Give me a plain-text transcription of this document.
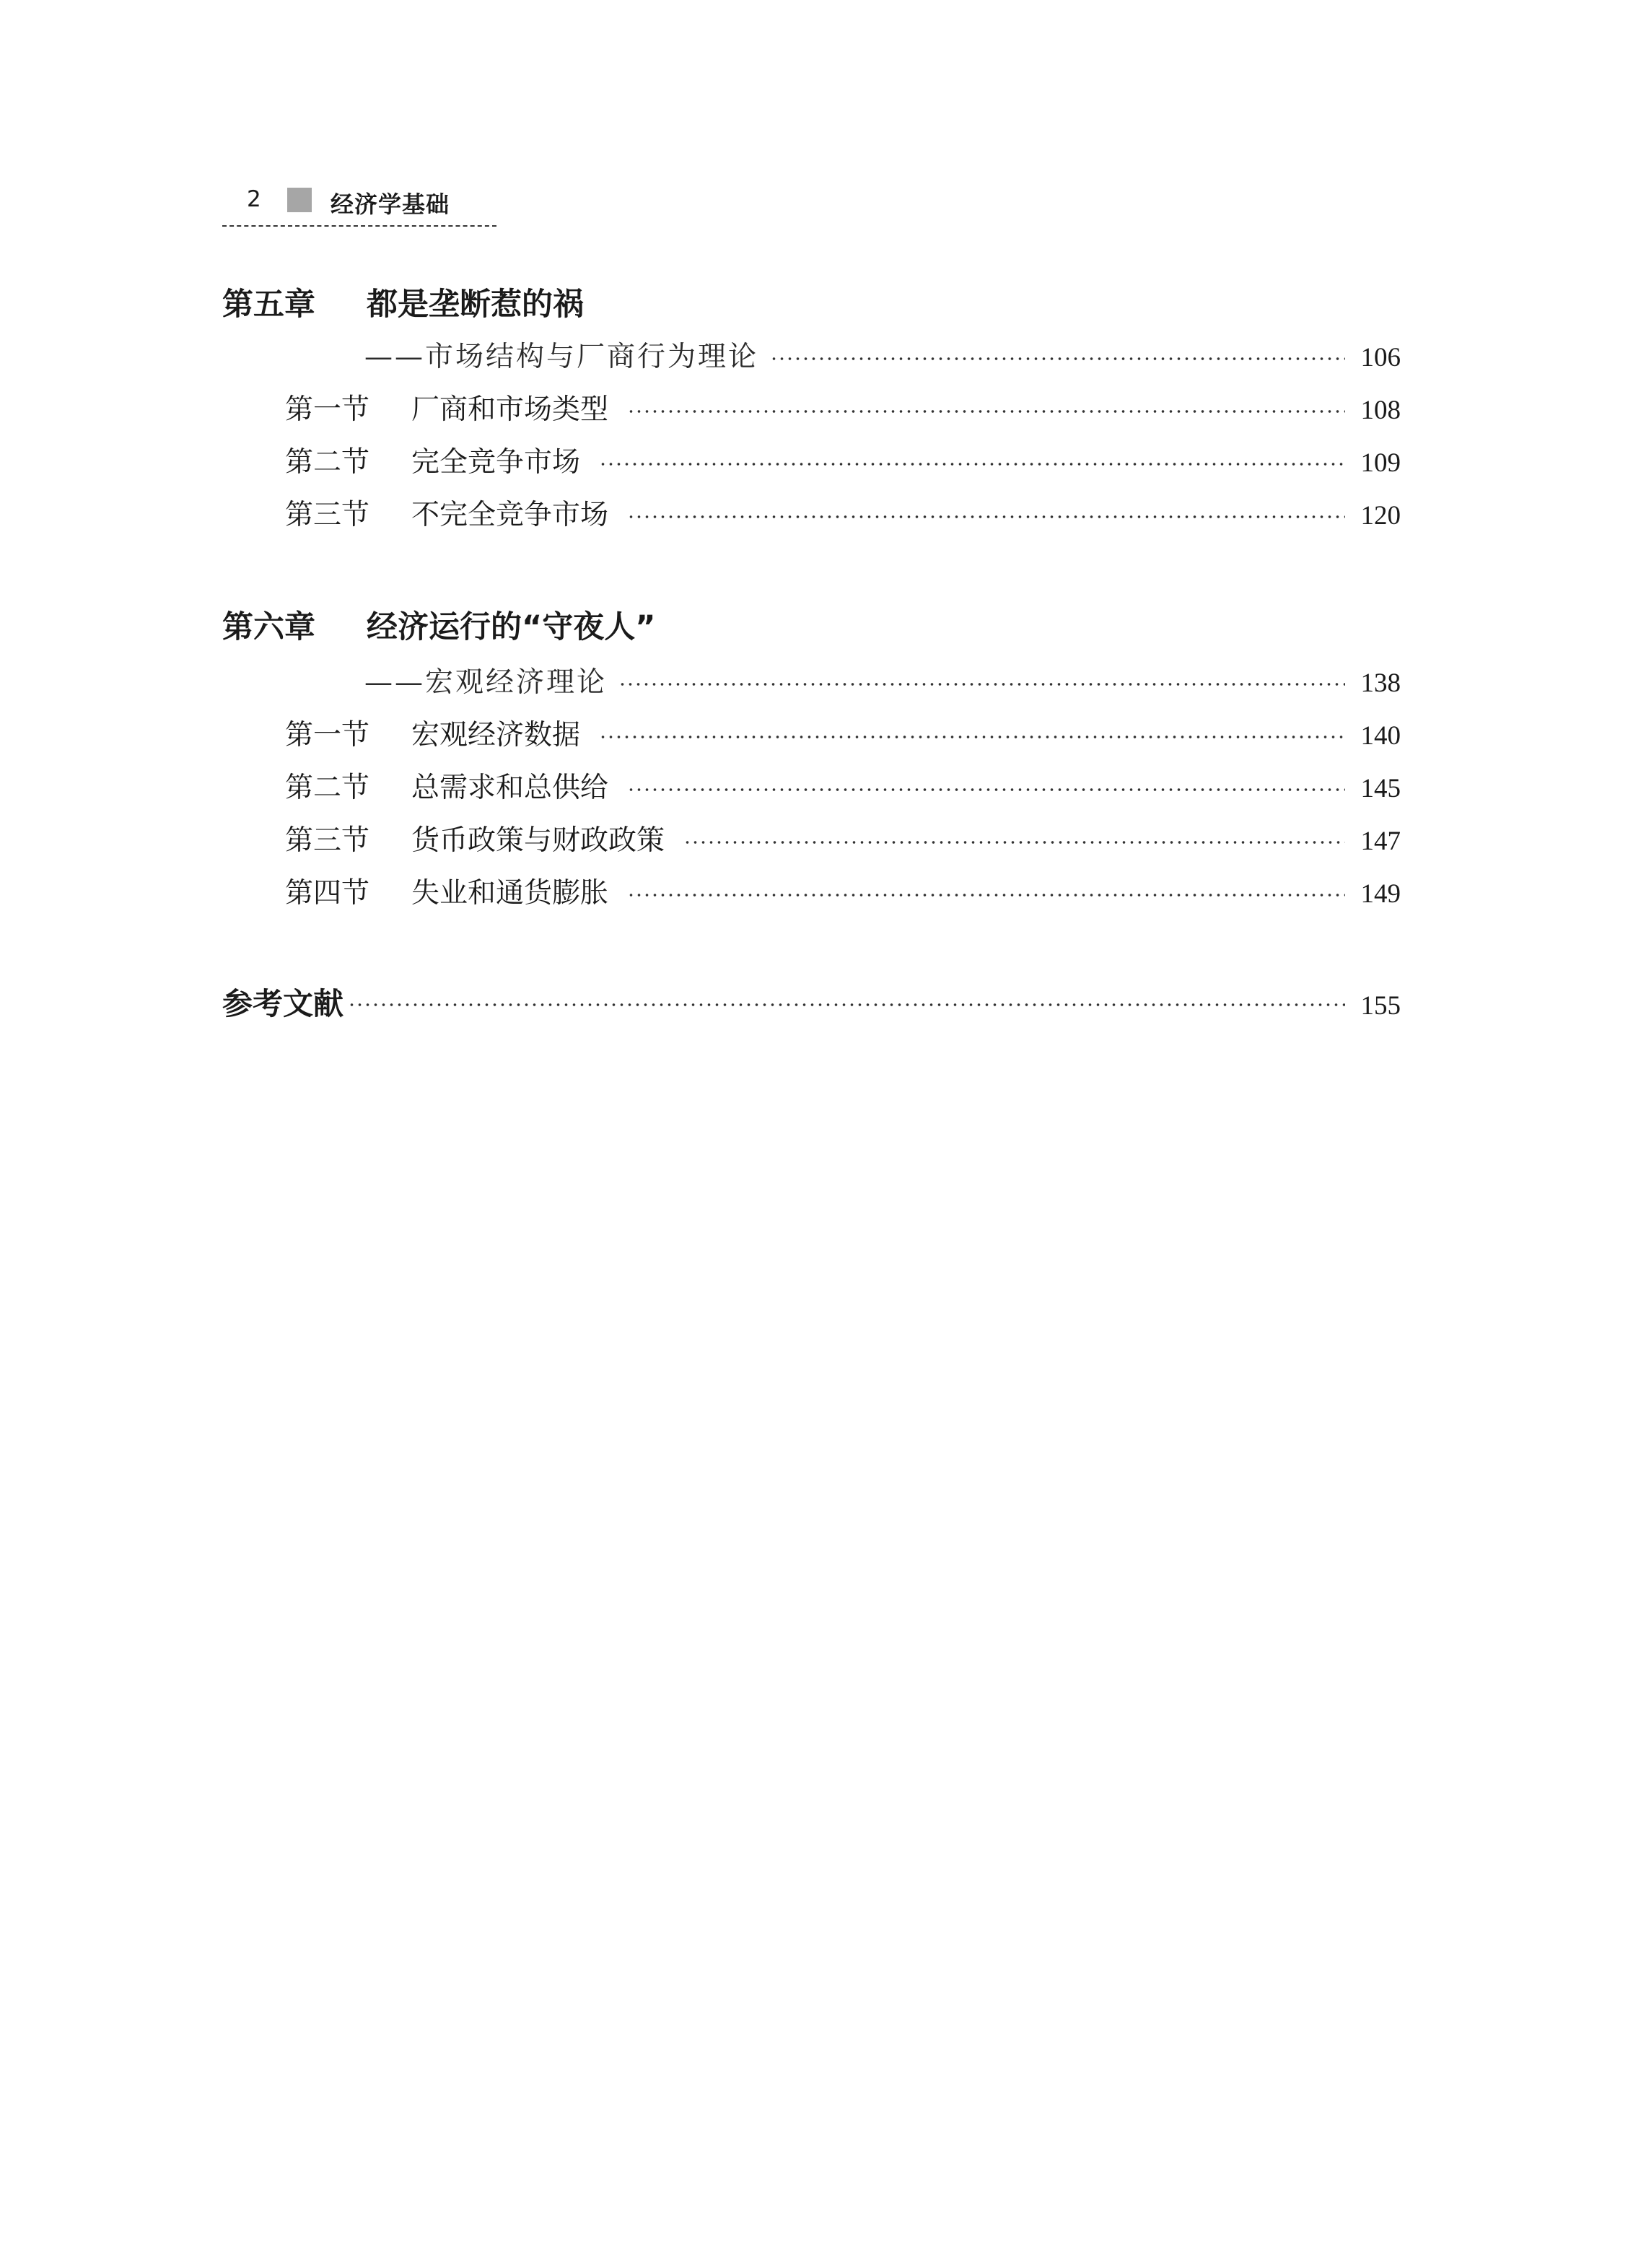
2	经济学基础
第五章 都是垄断惹的祸
——市场结构与厂商行为理论	106
第一节	厂商和市场类型	108
第二节	完全竞争市场	109
第三节	不完全竞争市场	120
第六章 经济运行的“守夜人”
——宏观经济理论	138
第一节	宏观经济数据	140
第二节	总需求和总供给	145
第三节	货币政策与财政政策	147
第四节	失业和通货膨胀	149
参考文献	155
